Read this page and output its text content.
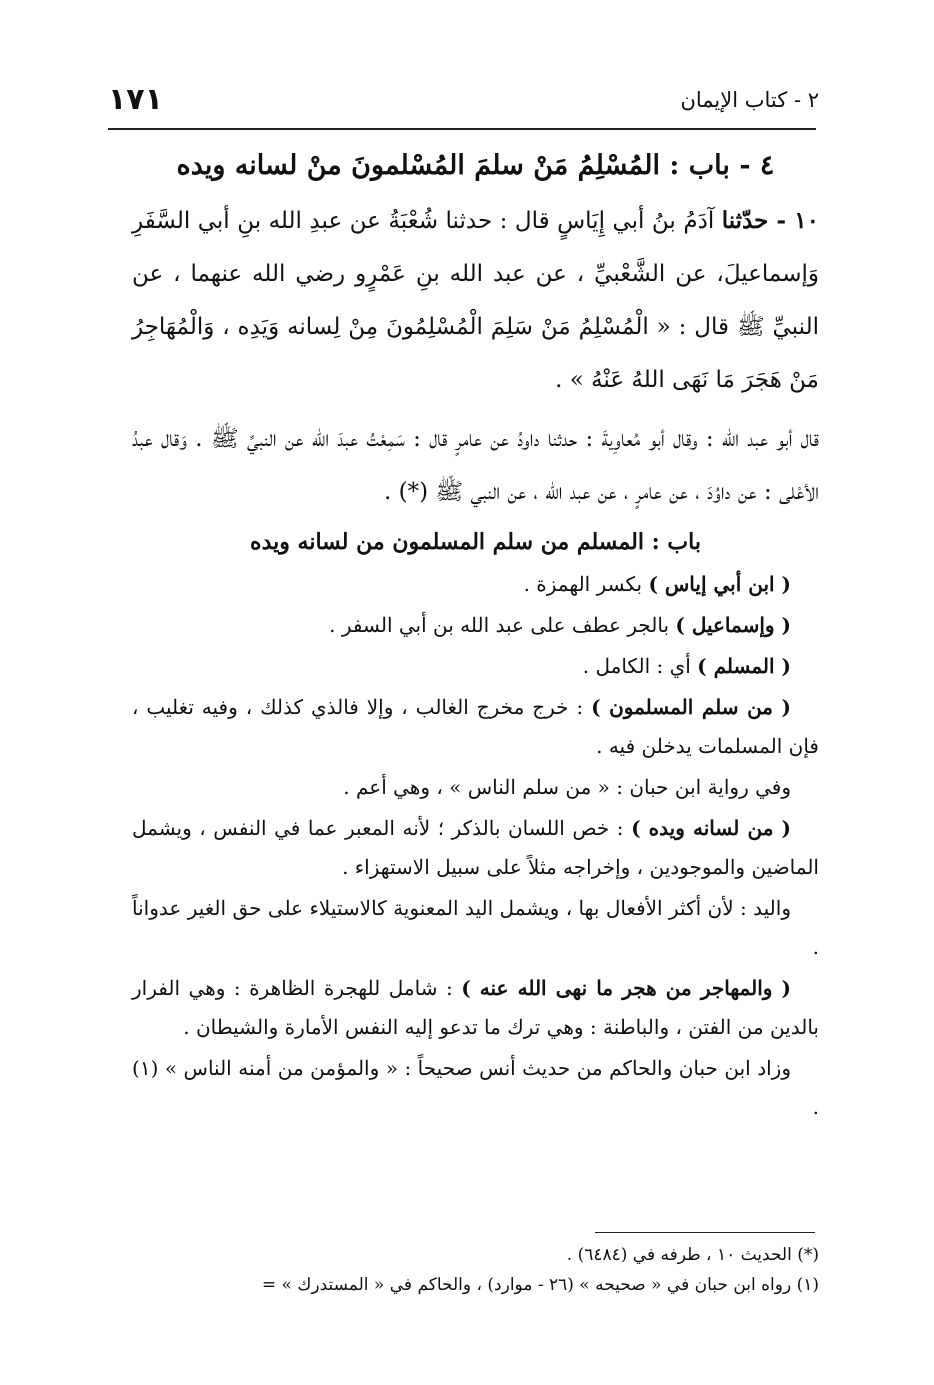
٢ - كتاب الإيمان
١٧١

٤ - باب : المُسْلِمُ مَنْ سلمَ المُسْلمونَ منْ لسانه ويده

١٠ - حدّثنا آدَمُ بنُ أبي إِيَاسٍ قال : حدثنا شُعْبَةُ عن عبدِ الله بنِ أبي السَّفَرِ وَإسماعيلَ، عن الشَّعْبيِّ ، عن عبد الله بنِ عَمْرٍو رضي الله عنهما ، عن النبيِّ ﷺ قال : « الْمُسْلِمُ مَنْ سَلِمَ الْمُسْلِمُونَ مِنْ لِسانه وَيَدِه ، وَالْمُهَاجِرُ مَنْ هَجَرَ مَا نَهَى اللهُ عَنْهُ » .

قال أبو عبد الله : وقال أبو مُعاوِيةَ : حدثنا داودُ عن عامرٍ قال : سَمِعْتُ عبدَ الله عن النبيِّ ﷺ . وَقال عبدُ الأعْلى : عن داوُدَ ، عن عامرٍ ، عن عبد الله ، عن النبي ﷺ (*) .

باب : المسلم من سلم المسلمون من لسانه ويده

( ابن أبي إياس ) بكسر الهمزة .

( وإسماعيل ) بالجر عطف على عبد الله بن أبي السفر .

( المسلم ) أي : الكامل .

( من سلم المسلمون ) : خرج مخرج الغالب ، وإلا فالذي كذلك ، وفيه تغليب ، فإن المسلمات يدخلن فيه .

وفي رواية ابن حبان : « من سلم الناس » ، وهي أعم .

( من لسانه ويده ) : خص اللسان بالذكر ؛ لأنه المعبر عما في النفس ، ويشمل الماضين والموجودين ، وإخراجه مثلاً على سبيل الاستهزاء .

واليد : لأن أكثر الأفعال بها ، ويشمل اليد المعنوية كالاستيلاء على حق الغير عدواناً .

( والمهاجر من هجر ما نهى الله عنه ) : شامل للهجرة الظاهرة : وهي الفرار بالدين من الفتن ، والباطنة : وهي ترك ما تدعو إليه النفس الأمارة والشيطان .

وزاد ابن حبان والحاكم من حديث أنس صحيحاً : « والمؤمن من أمنه الناس » (١) .

(*) الحديث ١٠ ، طرفه في (٦٤٨٤) .

(١) رواه ابن حبان في « صحيحه » (٢٦ - موارد) ، والحاكم في « المستدرك » =
